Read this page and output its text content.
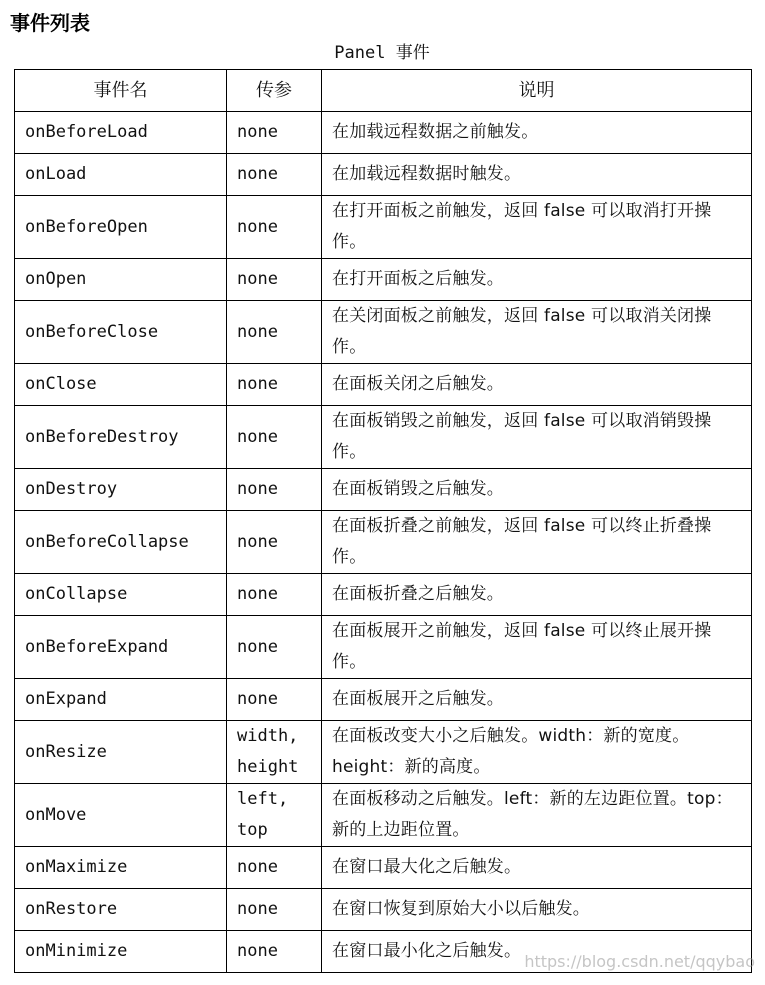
事件列表
Panel 事件
事件名	传参	说明
onBeforeLoad	none	在加载远程数据之前触发。
onLoad	none	在加载远程数据时触发。
onBeforeOpen	none	在打开面板之前触发，返回 false 可以取消打开操作。
onOpen	none	在打开面板之后触发。
onBeforeClose	none	在关闭面板之前触发，返回 false 可以取消关闭操作。
onClose	none	在面板关闭之后触发。
onBeforeDestroy	none	在面板销毁之前触发，返回 false 可以取消销毁操作。
onDestroy	none	在面板销毁之后触发。
onBeforeCollapse	none	在面板折叠之前触发，返回 false 可以终止折叠操作。
onCollapse	none	在面板折叠之后触发。
onBeforeExpand	none	在面板展开之前触发，返回 false 可以终止展开操作。
onExpand	none	在面板展开之后触发。
onResize	width, height	在面板改变大小之后触发。width：新的宽度。height：新的高度。
onMove	left, top	在面板移动之后触发。left：新的左边距位置。top：新的上边距位置。
onMaximize	none	在窗口最大化之后触发。
onRestore	none	在窗口恢复到原始大小以后触发。
onMinimize	none	在窗口最小化之后触发。
https://blog.csdn.net/qqybao
